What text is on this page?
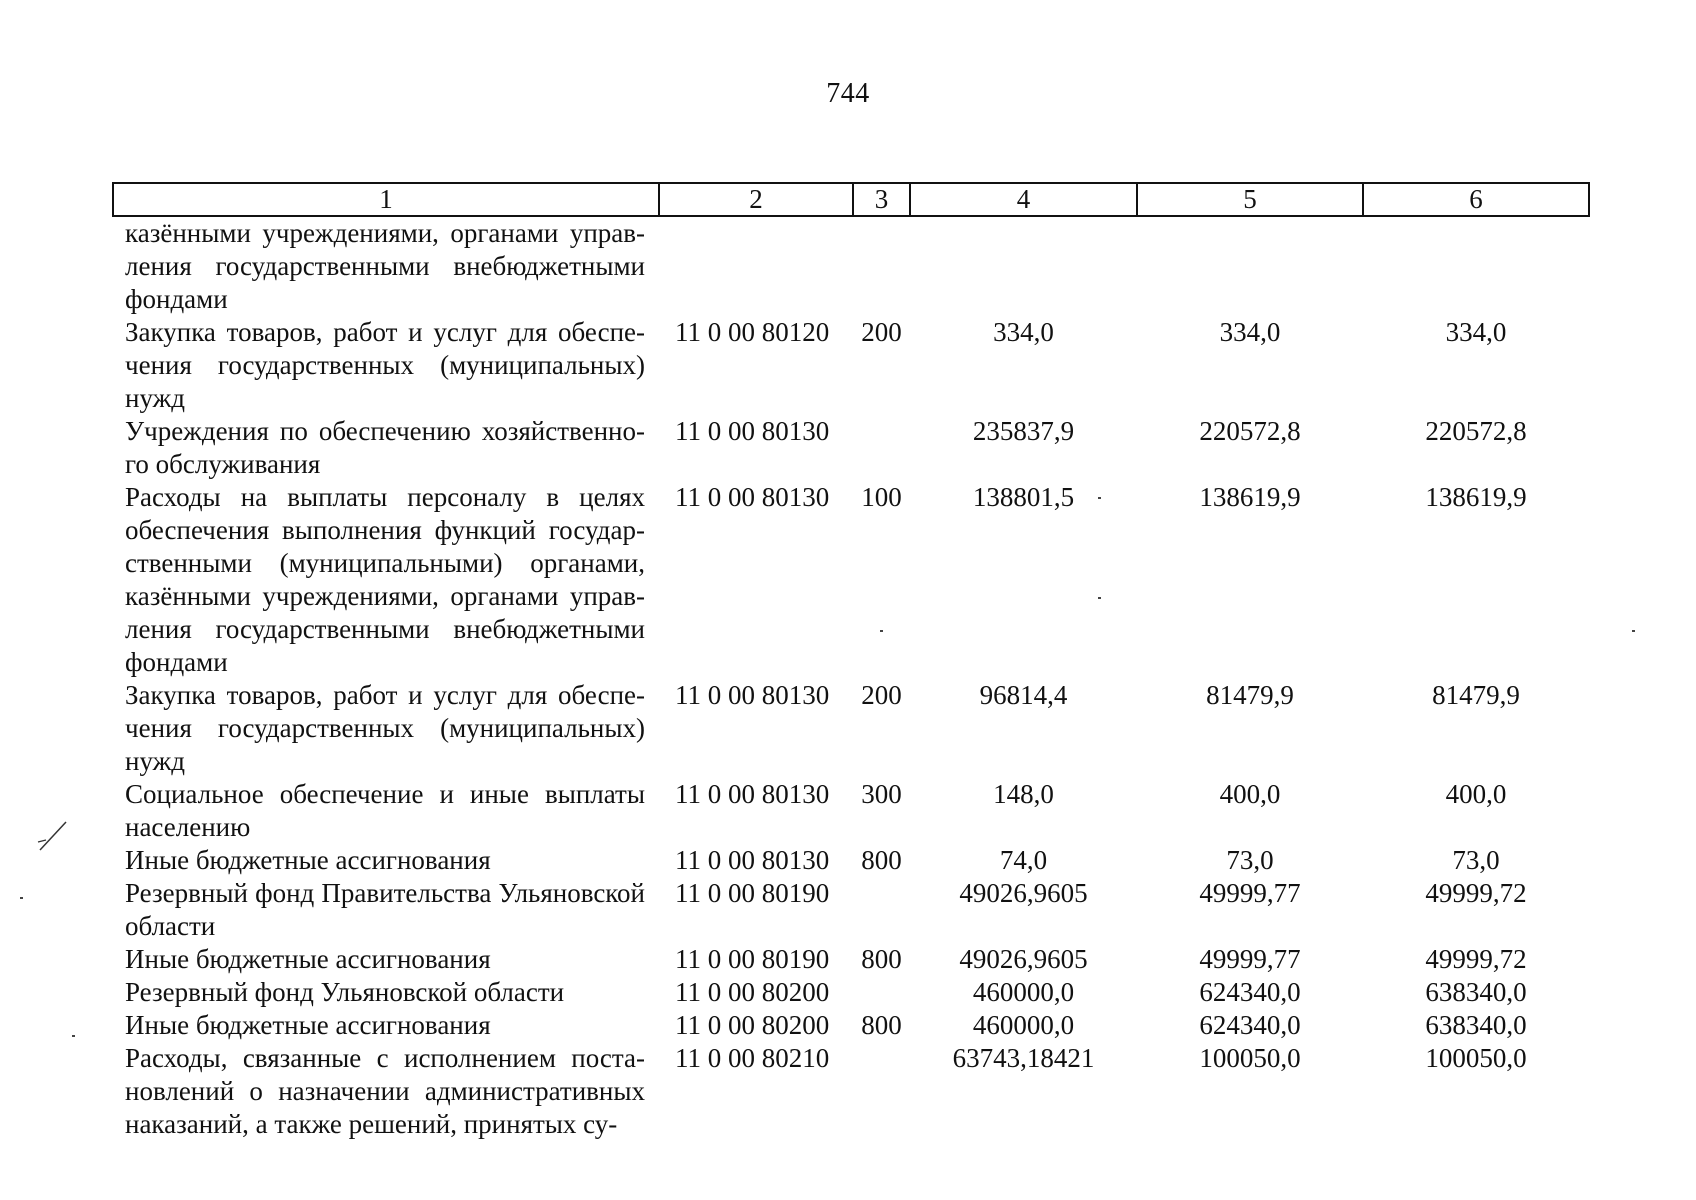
744
1	2	3	4	5	6
казёнными учреждениями, органами управления государственными внебюджетными фондами					
Закупка товаров, работ и услуг для обеспечения государственных (муниципальных) нужд	11 0 00 80120	200	334,0	334,0	334,0
Учреждения по обеспечению хозяйственного обслуживания	11 0 00 80130		235837,9	220572,8	220572,8
Расходы на выплаты персоналу в целях обеспечения выполнения функций государственными (муниципальными) органами, казёнными учреждениями, органами управления государственными внебюджетными фондами	11 0 00 80130	100	138801,5	138619,9	138619,9
Закупка товаров, работ и услуг для обеспечения государственных (муниципальных) нужд	11 0 00 80130	200	96814,4	81479,9	81479,9
Социальное обеспечение и иные выплаты населению	11 0 00 80130	300	148,0	400,0	400,0
Иные бюджетные ассигнования	11 0 00 80130	800	74,0	73,0	73,0
Резервный фонд Правительства Ульяновской области	11 0 00 80190		49026,9605	49999,77	49999,72
Иные бюджетные ассигнования	11 0 00 80190	800	49026,9605	49999,77	49999,72
Резервный фонд Ульяновской области	11 0 00 80200		460000,0	624340,0	638340,0
Иные бюджетные ассигнования	11 0 00 80200	800	460000,0	624340,0	638340,0
Расходы, связанные с исполнением постановлений о назначении административных наказаний, а также решений, принятых су-	11 0 00 80210		63743,18421	100050,0	100050,0
